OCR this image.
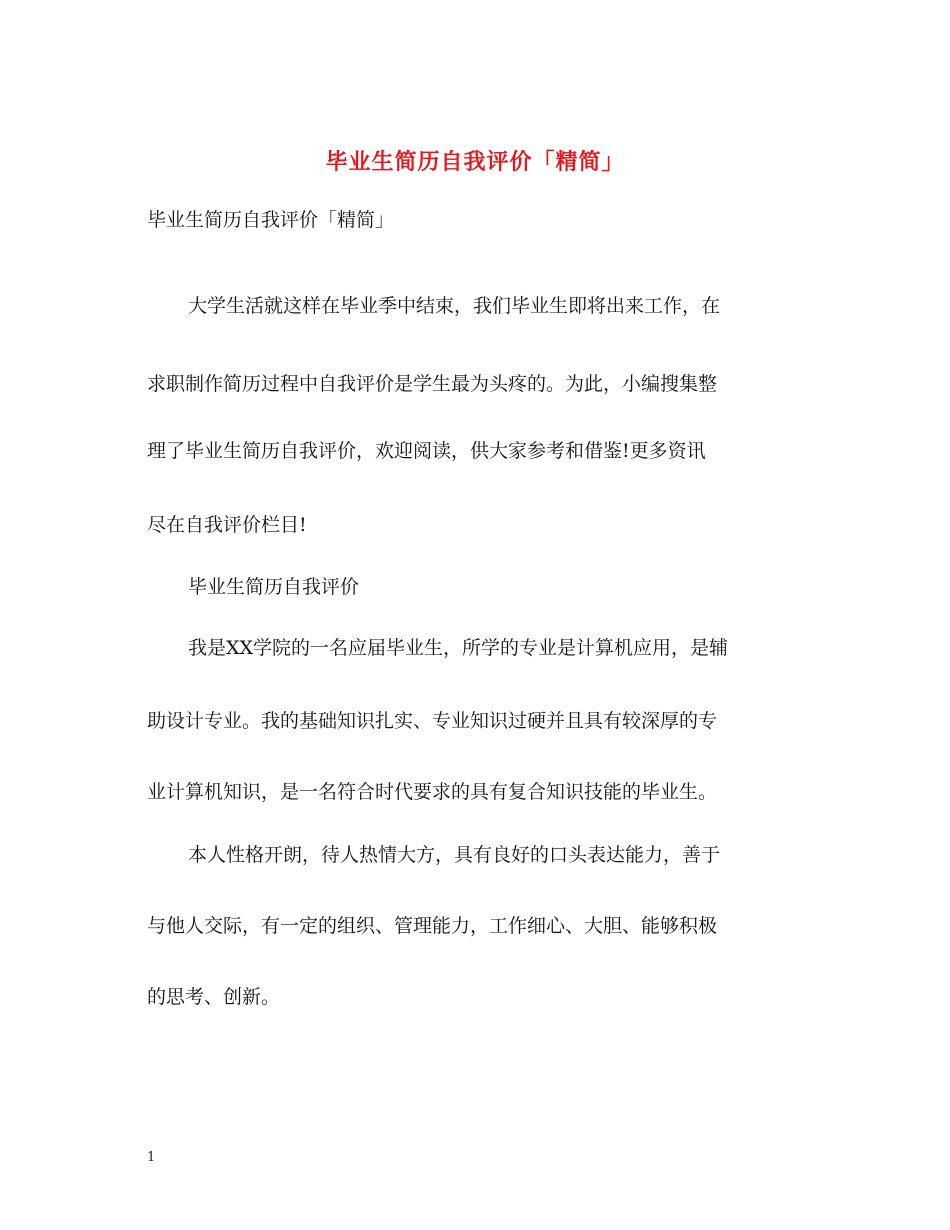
毕业生简历自我评价「精简」
毕业生简历自我评价「精简」
大学生活就这样在毕业季中结束，我们毕业生即将出来工作，在
求职制作简历过程中自我评价是学生最为头疼的。为此，小编搜集整
理了毕业生简历自我评价，欢迎阅读，供大家参考和借鉴!更多资讯
尽在自我评价栏目!
毕业生简历自我评价
我是XX学院的一名应届毕业生，所学的专业是计算机应用，是辅
助设计专业。我的基础知识扎实、专业知识过硬并且具有较深厚的专
业计算机知识，是一名符合时代要求的具有复合知识技能的毕业生。
本人性格开朗，待人热情大方，具有良好的口头表达能力，善于
与他人交际，有一定的组织、管理能力，工作细心、大胆、能够积极
的思考、创新。
1
